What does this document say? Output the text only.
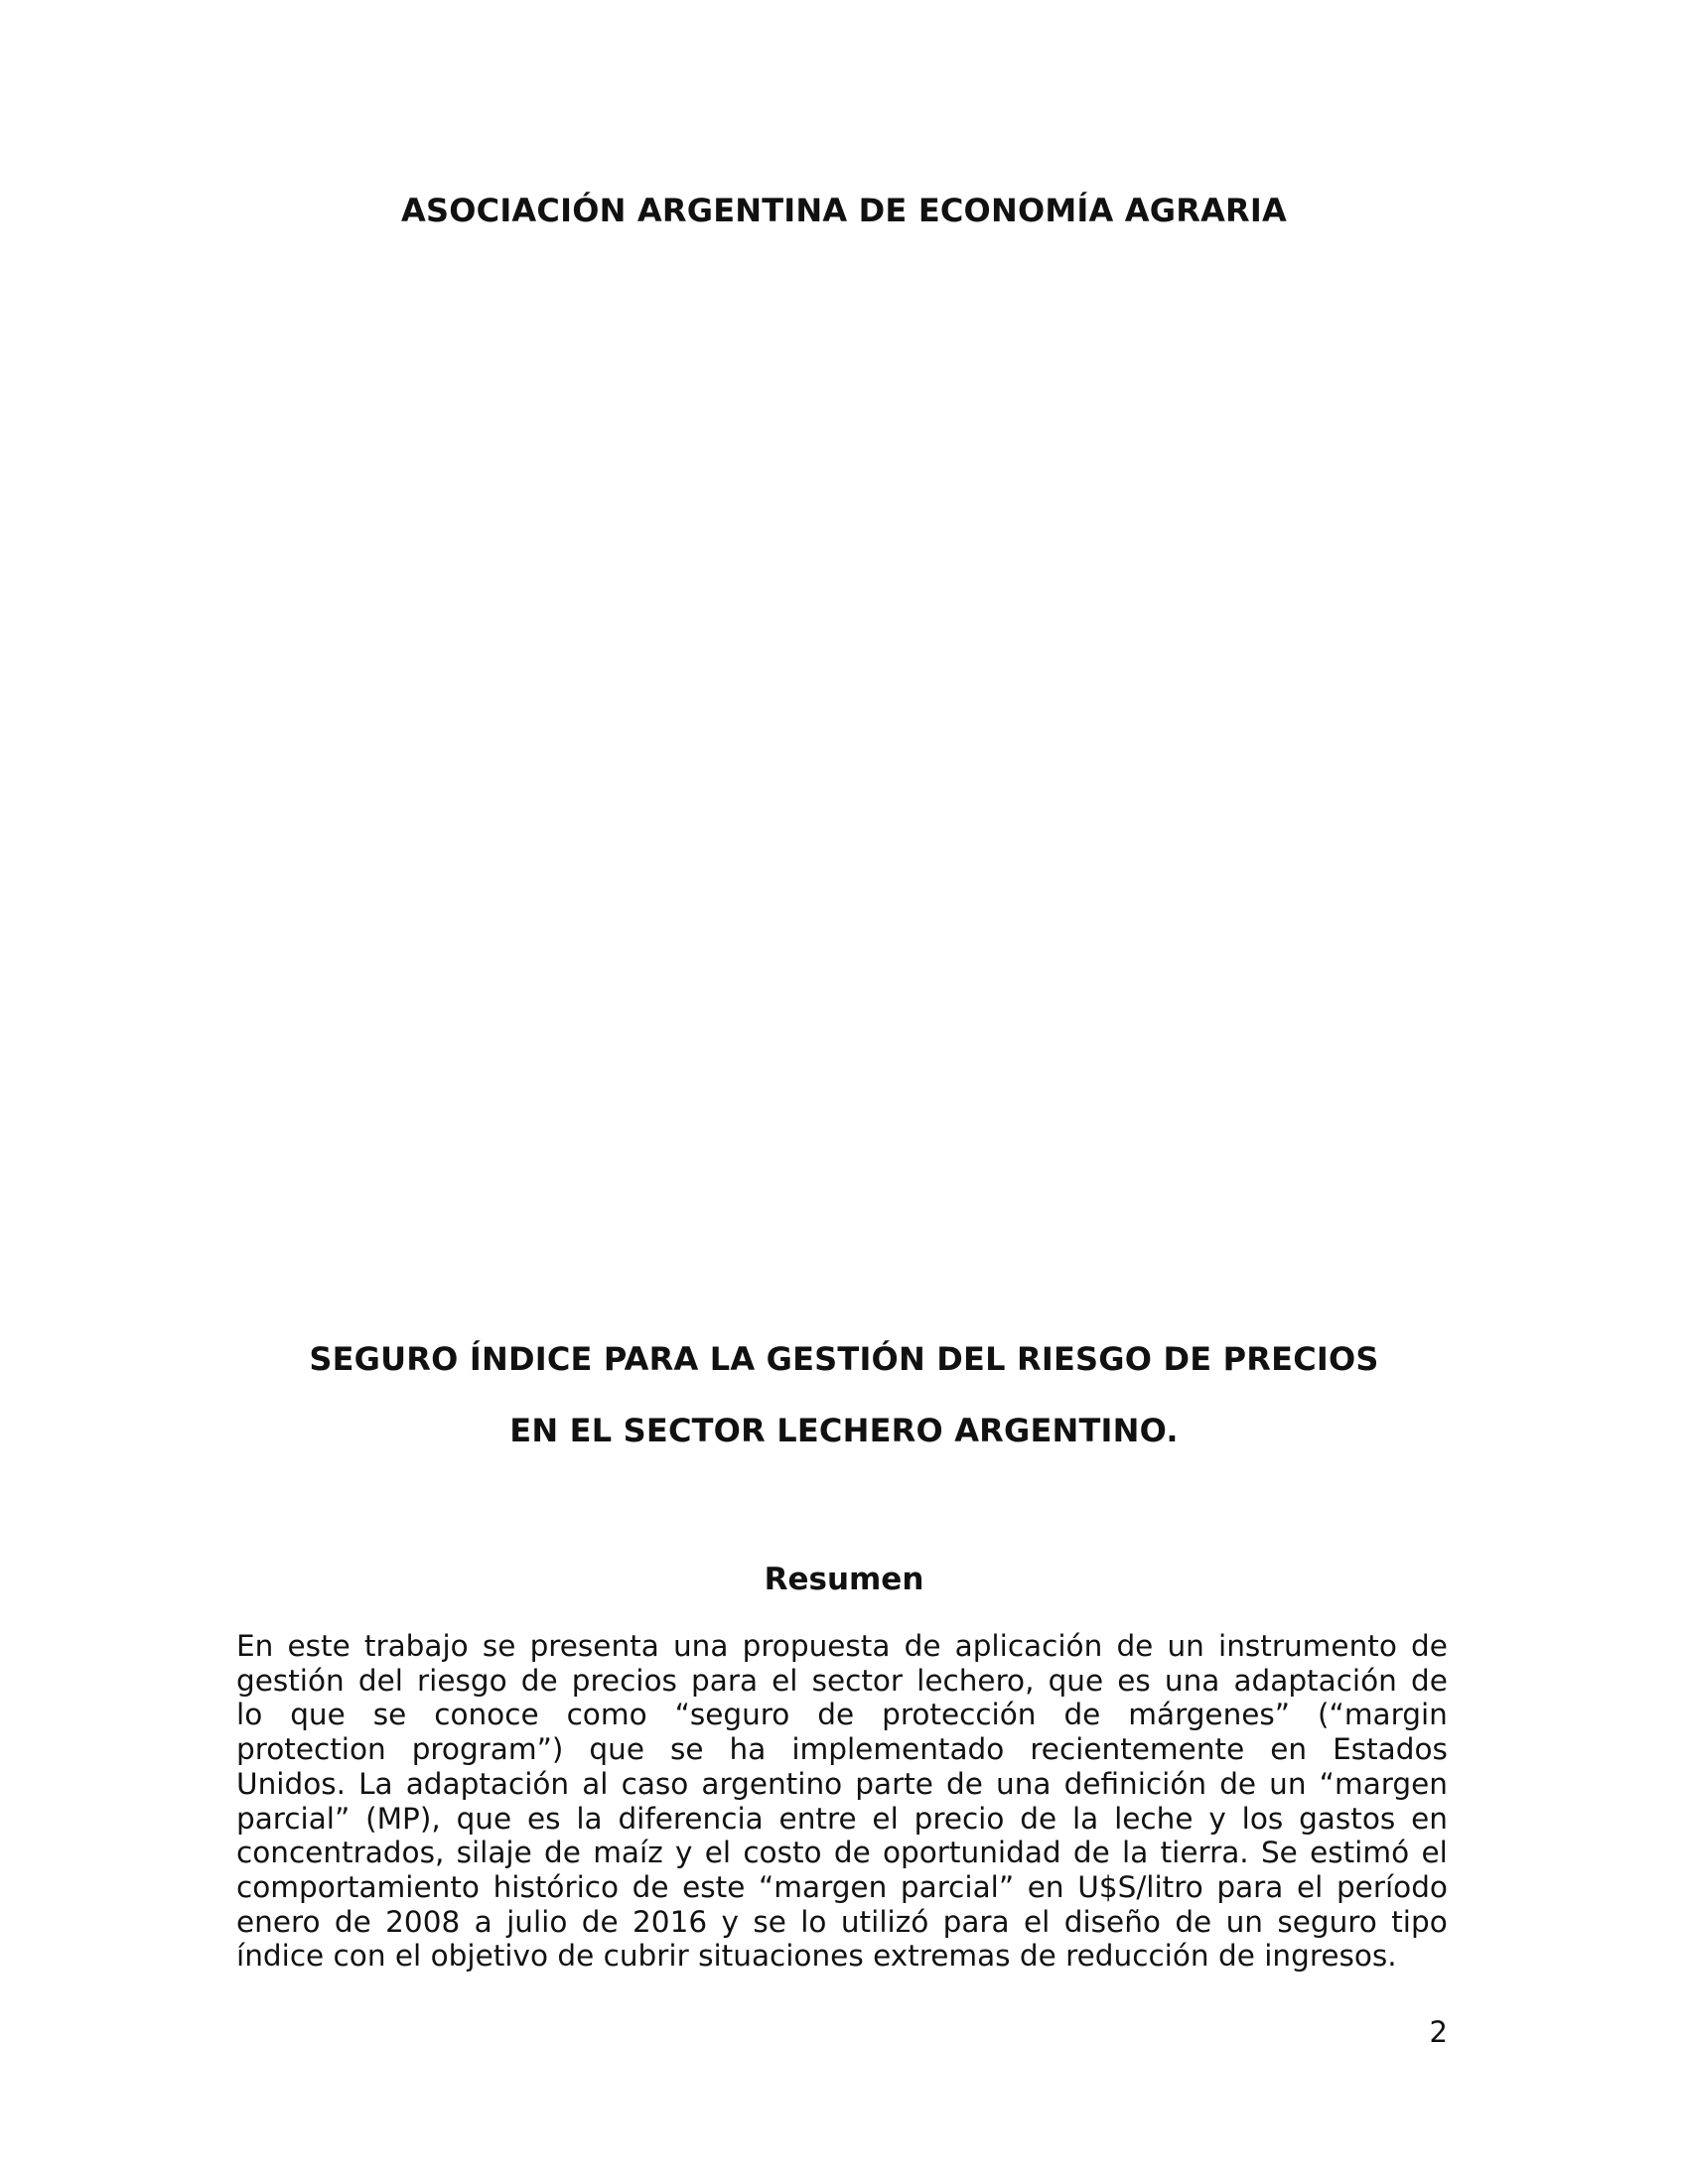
ASOCIACIÓN ARGENTINA DE ECONOMÍA AGRARIA
SEGURO ÍNDICE PARA LA GESTIÓN DEL RIESGO DE PRECIOS
EN EL SECTOR LECHERO ARGENTINO.
Resumen
En este trabajo se presenta una propuesta de aplicación de un instrumento de
gestión del riesgo de precios para el sector lechero, que es una adaptación de
lo que se conoce como “seguro de protección de márgenes” (“margin
protection program”) que se ha implementado recientemente en Estados
Unidos. La adaptación al caso argentino parte de una definición de un “margen
parcial” (MP), que es la diferencia entre el precio de la leche y los gastos en
concentrados, silaje de maíz y el costo de oportunidad de la tierra. Se estimó el
comportamiento histórico de este “margen parcial” en U$S/litro para el período
enero de 2008 a julio de 2016 y se lo utilizó para el diseño de un seguro tipo
índice con el objetivo de cubrir situaciones extremas de reducción de ingresos.
2
